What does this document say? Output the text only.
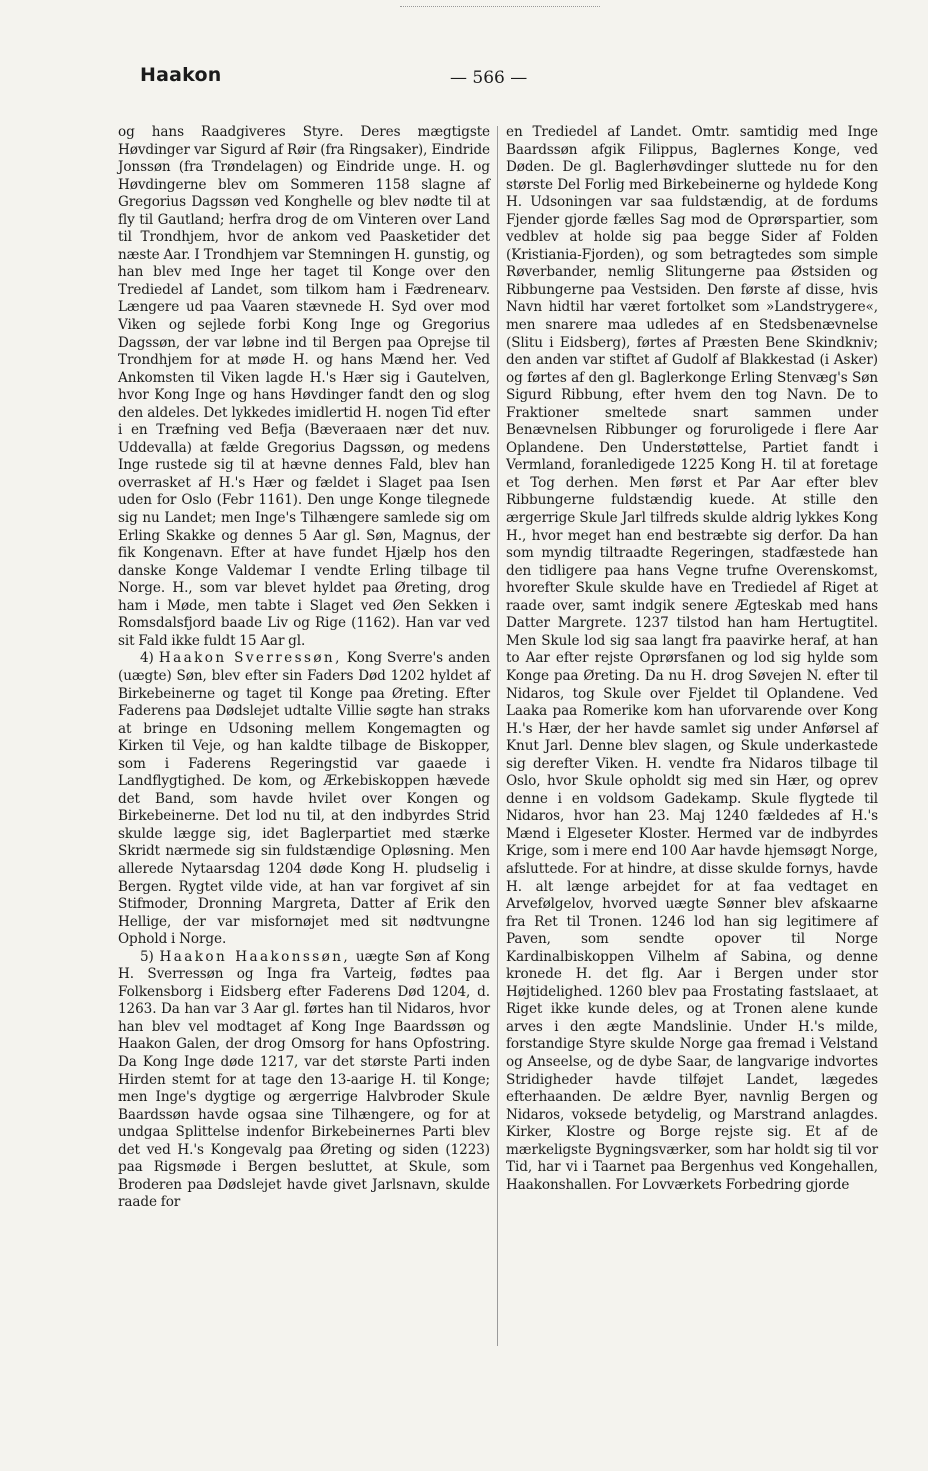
Haakon	— 566 —

og hans Raadgiveres Styre. Deres mægtigste Høvdinger var Sigurd af Røir (fra Ringsaker), Eindride Jonssøn (fra Trøndelagen) og Eindride unge. H. og Høvdingerne blev om Sommeren 1158 slagne af Gregorius Dagssøn ved Konghelle og blev nødte til at fly til Gautland; herfra drog de om Vinteren over Land til Trondhjem, hvor de ankom ved Paasketider det næste Aar. I Trondhjem var Stemningen H. gunstig, og han blev med Inge her taget til Konge over den Trediedel af Landet, som tilkom ham i Fædrenearv. Længere ud paa Vaaren stævnede H. Syd over mod Viken og sejlede forbi Kong Inge og Gregorius Dagssøn, der var løbne ind til Bergen paa Oprejse til Trondhjem for at møde H. og hans Mænd her. Ved Ankomsten til Viken lagde H.'s Hær sig i Gautelven, hvor Kong Inge og hans Høvdinger fandt den og slog den aldeles. Det lykkedes imidlertid H. nogen Tid efter i en Træfning ved Befja (Bæveraaen nær det nuv. Uddevalla) at fælde Gregorius Dagssøn, og medens Inge rustede sig til at hævne dennes Fald, blev han overrasket af H.'s Hær og fældet i Slaget paa Isen uden for Oslo (Febr 1161). Den unge Konge tilegnede sig nu Landet; men Inge's Tilhængere samlede sig om Erling Skakke og dennes 5 Aar gl. Søn, Magnus, der fik Kongenavn. Efter at have fundet Hjælp hos den danske Konge Valdemar I vendte Erling tilbage til Norge. H., som var blevet hyldet paa Øreting, drog ham i Møde, men tabte i Slaget ved Øen Sekken i Romsdalsfjord baade Liv og Rige (1162). Han var ved sit Fald ikke fuldt 15 Aar gl.

4) Haakon Sverressøn, Kong Sverre's anden (uægte) Søn, blev efter sin Faders Død 1202 hyldet af Birkebeinerne og taget til Konge paa Øreting. Efter Faderens paa Dødslejet udtalte Villie søgte han straks at bringe en Udsoning mellem Kongemagten og Kirken til Veje, og han kaldte tilbage de Biskopper, som i Faderens Regeringstid var gaaede i Landflygtighed. De kom, og Ærkebiskoppen hævede det Band, som havde hvilet over Kongen og Birkebeinerne. Det lod nu til, at den indbyrdes Strid skulde lægge sig, idet Baglerpartiet med stærke Skridt nærmede sig sin fuldstændige Opløsning. Men allerede Nytaarsdag 1204 døde Kong H. pludselig i Bergen. Rygtet vilde vide, at han var forgivet af sin Stifmoder, Dronning Margreta, Datter af Erik den Hellige, der var misfornøjet med sit nødtvungne Ophold i Norge.

5) Haakon Haakonssøn, uægte Søn af Kong H. Sverressøn og Inga fra Varteig, fødtes paa Folkensborg i Eidsberg efter Faderens Død 1204, d. 1263. Da han var 3 Aar gl. førtes han til Nidaros, hvor han blev vel modtaget af Kong Inge Baardssøn og Haakon Galen, der drog Omsorg for hans Opfostring. Da Kong Inge døde 1217, var det største Parti inden Hirden stemt for at tage den 13-aarige H. til Konge; men Inge's dygtige og ærgerrige Halvbroder Skule Baardssøn havde ogsaa sine Tilhængere, og for at undgaa Splittelse indenfor Birkebeinernes Parti blev det ved H.'s Kongevalg paa Øreting og siden (1223) paa Rigsmøde i Bergen besluttet, at Skule, som Broderen paa Dødslejet havde givet Jarlsnavn, skulde raade for

en Trediedel af Landet. Omtr. samtidig med Inge Baardssøn afgik Filippus, Baglernes Konge, ved Døden. De gl. Baglerhøvdinger sluttede nu for den største Del Forlig med Birkebeinerne og hyldede Kong H. Udsoningen var saa fuldstændig, at de fordums Fjender gjorde fælles Sag mod de Oprørspartier, som vedblev at holde sig paa begge Sider af Folden (Kristiania-Fjorden), og som betragtedes som simple Røverbander, nemlig Slitungerne paa Østsiden og Ribbungerne paa Vestsiden. Den første af disse, hvis Navn hidtil har været fortolket som »Landstrygere«, men snarere maa udledes af en Stedsbenævnelse (Slitu i Eidsberg), førtes af Præsten Bene Skindkniv; den anden var stiftet af Gudolf af Blakkestad (i Asker) og førtes af den gl. Baglerkonge Erling Stenvæg's Søn Sigurd Ribbung, efter hvem den tog Navn. De to Fraktioner smeltede snart sammen under Benævnelsen Ribbunger og foruroligede i flere Aar Oplandene. Den Understøttelse, Partiet fandt i Vermland, foranledigede 1225 Kong H. til at foretage et Tog derhen. Men først et Par Aar efter blev Ribbungerne fuldstændig kuede. At stille den ærgerrige Skule Jarl tilfreds skulde aldrig lykkes Kong H., hvor meget han end bestræbte sig derfor. Da han som myndig tiltraadte Regeringen, stadfæstede han den tidligere paa hans Vegne trufne Overenskomst, hvorefter Skule skulde have en Trediedel af Riget at raade over, samt indgik senere Ægteskab med hans Datter Margrete. 1237 tilstod han ham Hertugtitel. Men Skule lod sig saa langt fra paavirke heraf, at han to Aar efter rejste Oprørsfanen og lod sig hylde som Konge paa Øreting. Da nu H. drog Søvejen N. efter til Nidaros, tog Skule over Fjeldet til Oplandene. Ved Laaka paa Romerike kom han uforvarende over Kong H.'s Hær, der her havde samlet sig under Anførsel af Knut Jarl. Denne blev slagen, og Skule underkastede sig derefter Viken. H. vendte fra Nidaros tilbage til Oslo, hvor Skule opholdt sig med sin Hær, og oprev denne i en voldsom Gadekamp. Skule flygtede til Nidaros, hvor han 23. Maj 1240 fældedes af H.'s Mænd i Elgeseter Kloster. Hermed var de indbyrdes Krige, som i mere end 100 Aar havde hjemsøgt Norge, afsluttede. For at hindre, at disse skulde fornys, havde H. alt længe arbejdet for at faa vedtaget en Arvefølgelov, hvorved uægte Sønner blev afskaarne fra Ret til Tronen. 1246 lod han sig legitimere af Paven, som sendte opover til Norge Kardinalbiskoppen Vilhelm af Sabina, og denne kronede H. det flg. Aar i Bergen under stor Højtidelighed. 1260 blev paa Frostating fastslaaet, at Riget ikke kunde deles, og at Tronen alene kunde arves i den ægte Mandslinie. Under H.'s milde, forstandige Styre skulde Norge gaa fremad i Velstand og Anseelse, og de dybe Saar, de langvarige indvortes Stridigheder havde tilføjet Landet, lægedes efterhaanden. De ældre Byer, navnlig Bergen og Nidaros, voksede betydelig, og Marstrand anlagdes. Kirker, Klostre og Borge rejste sig. Et af de mærkeligste Bygningsværker, som har holdt sig til vor Tid, har vi i Taarnet paa Bergenhus ved Kongehallen, Haakonshallen. For Lovværkets Forbedring gjorde
